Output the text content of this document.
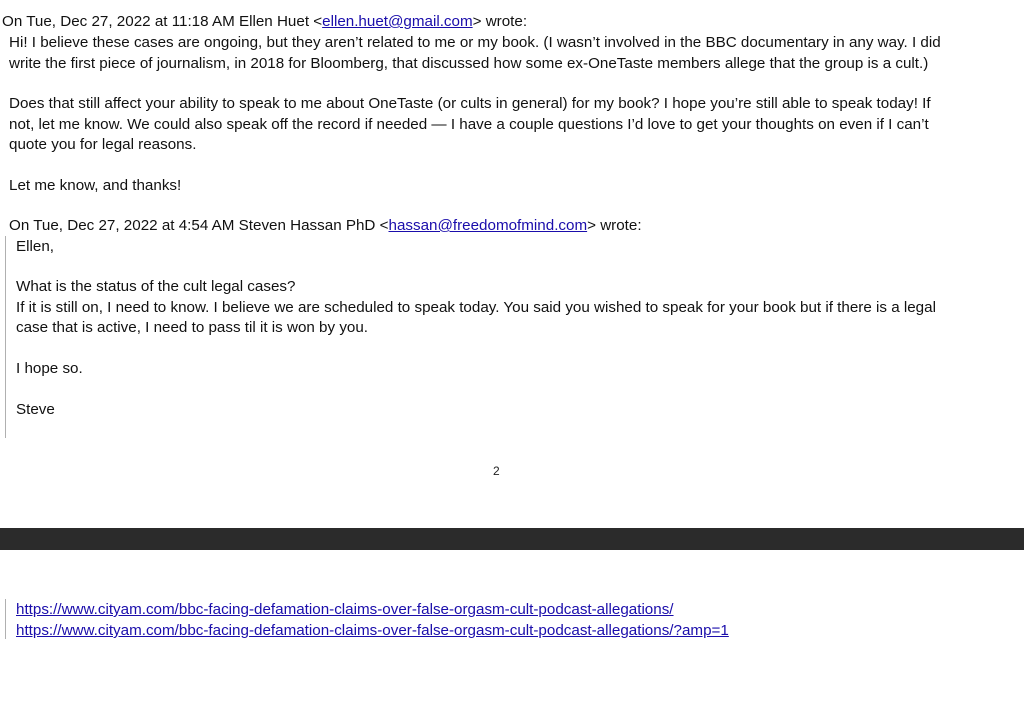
On Tue, Dec 27, 2022 at 11:18 AM Ellen Huet <ellen.huet@gmail.com> wrote:
Hi! I believe these cases are ongoing, but they aren’t related to me or my book. (I wasn’t involved in the BBC documentary in any way. I did
write the first piece of journalism, in 2018 for Bloomberg, that discussed how some ex-OneTaste members allege that the group is a cult.)
Does that still affect your ability to speak to me about OneTaste (or cults in general) for my book? I hope you’re still able to speak today! If
not, let me know. We could also speak off the record if needed — I have a couple questions I’d love to get your thoughts on even if I can’t
quote you for legal reasons.
Let me know, and thanks!
On Tue, Dec 27, 2022 at 4:54 AM Steven Hassan PhD <hassan@freedomofmind.com> wrote:
Ellen,
What is the status of the cult legal cases?
If it is still on, I need to know. I believe we are scheduled to speak today. You said you wished to speak for your book but if there is a legal
case that is active, I need to pass til it is won by you.
I hope so.
Steve
2
https://www.cityam.com/bbc-facing-defamation-claims-over-false-orgasm-cult-podcast-allegations/
https://www.cityam.com/bbc-facing-defamation-claims-over-false-orgasm-cult-podcast-allegations/?amp=1
